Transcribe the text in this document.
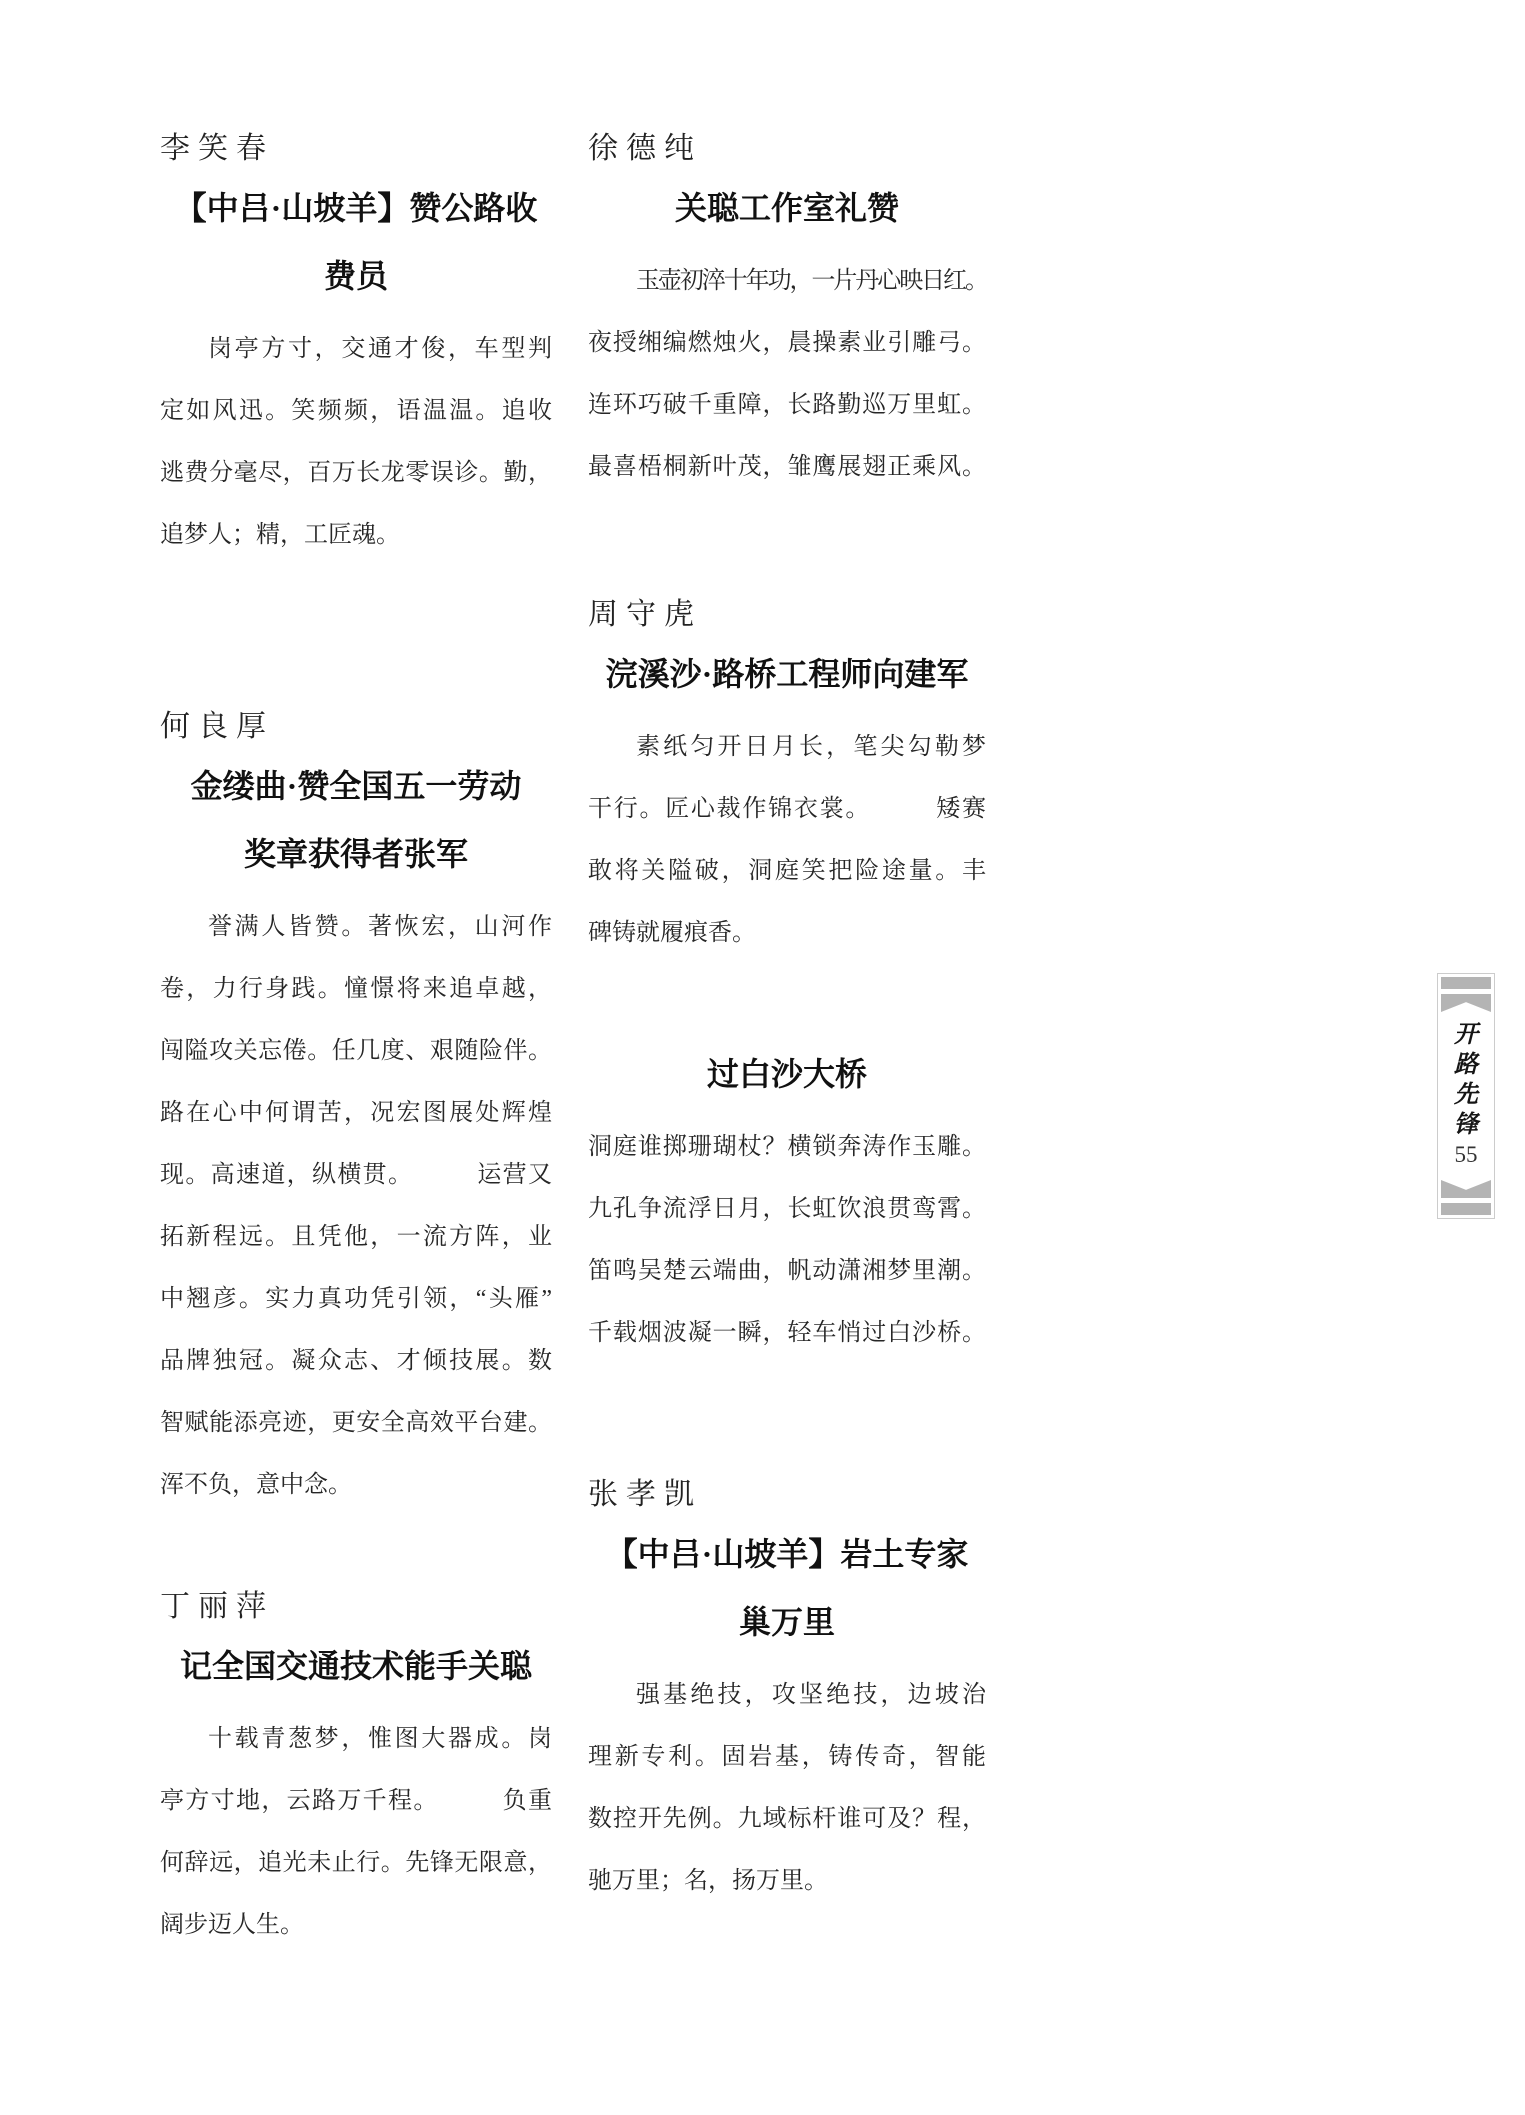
李笑春
【中吕·山坡羊】赞公路收
费员
岗亭方寸，交通才俊，车型判
定如风迅。笑频频，语温温。追收
逃费分毫尽，百万长龙零误诊。勤，
追梦人；精，工匠魂。
何良厚
金缕曲·赞全国五一劳动
奖章获得者张军
誉满人皆赞。著恢宏，山河作
卷，力行身践。憧憬将来追卓越，
闯隘攻关忘倦。任几度、艰随险伴。
路在心中何谓苦，况宏图展处辉煌
现。高速道，纵横贯。　　　运营又
拓新程远。且凭他，一流方阵，业
中翘彦。实力真功凭引领，“头雁”
品牌独冠。凝众志、才倾技展。数
智赋能添亮迹，更安全高效平台建。
浑不负，意中念。
丁丽萍
记全国交通技术能手关聪
十载青葱梦，惟图大器成。岗
亭方寸地，云路万千程。　　　负重
何辞远，追光未止行。先锋无限意，
阔步迈人生。
徐德纯
关聪工作室礼赞
玉壶初淬十年功，一片丹心映日红。
夜授缃编燃烛火，晨操素业引雕弓。
连环巧破千重障，长路勤巡万里虹。
最喜梧桐新叶茂，雏鹰展翅正乘风。
周守虎
浣溪沙·路桥工程师向建军
素纸匀开日月长，笔尖勾勒梦
干行。匠心裁作锦衣裳。　　　矮赛
敢将关隘破，洞庭笑把险途量。丰
碑铸就履痕香。
过白沙大桥
洞庭谁掷珊瑚杖？横锁奔涛作玉雕。
九孔争流浮日月，长虹饮浪贯鸾霄。
笛鸣吴楚云端曲，帆动潇湘梦里潮。
千载烟波凝一瞬，轻车悄过白沙桥。
张孝凯
【中吕·山坡羊】岩土专家
巢万里
强基绝技，攻坚绝技，边坡治
理新专利。固岩基，铸传奇，智能
数控开先例。九域标杆谁可及？程，
驰万里；名，扬万里。
开
路
先
锋
55
